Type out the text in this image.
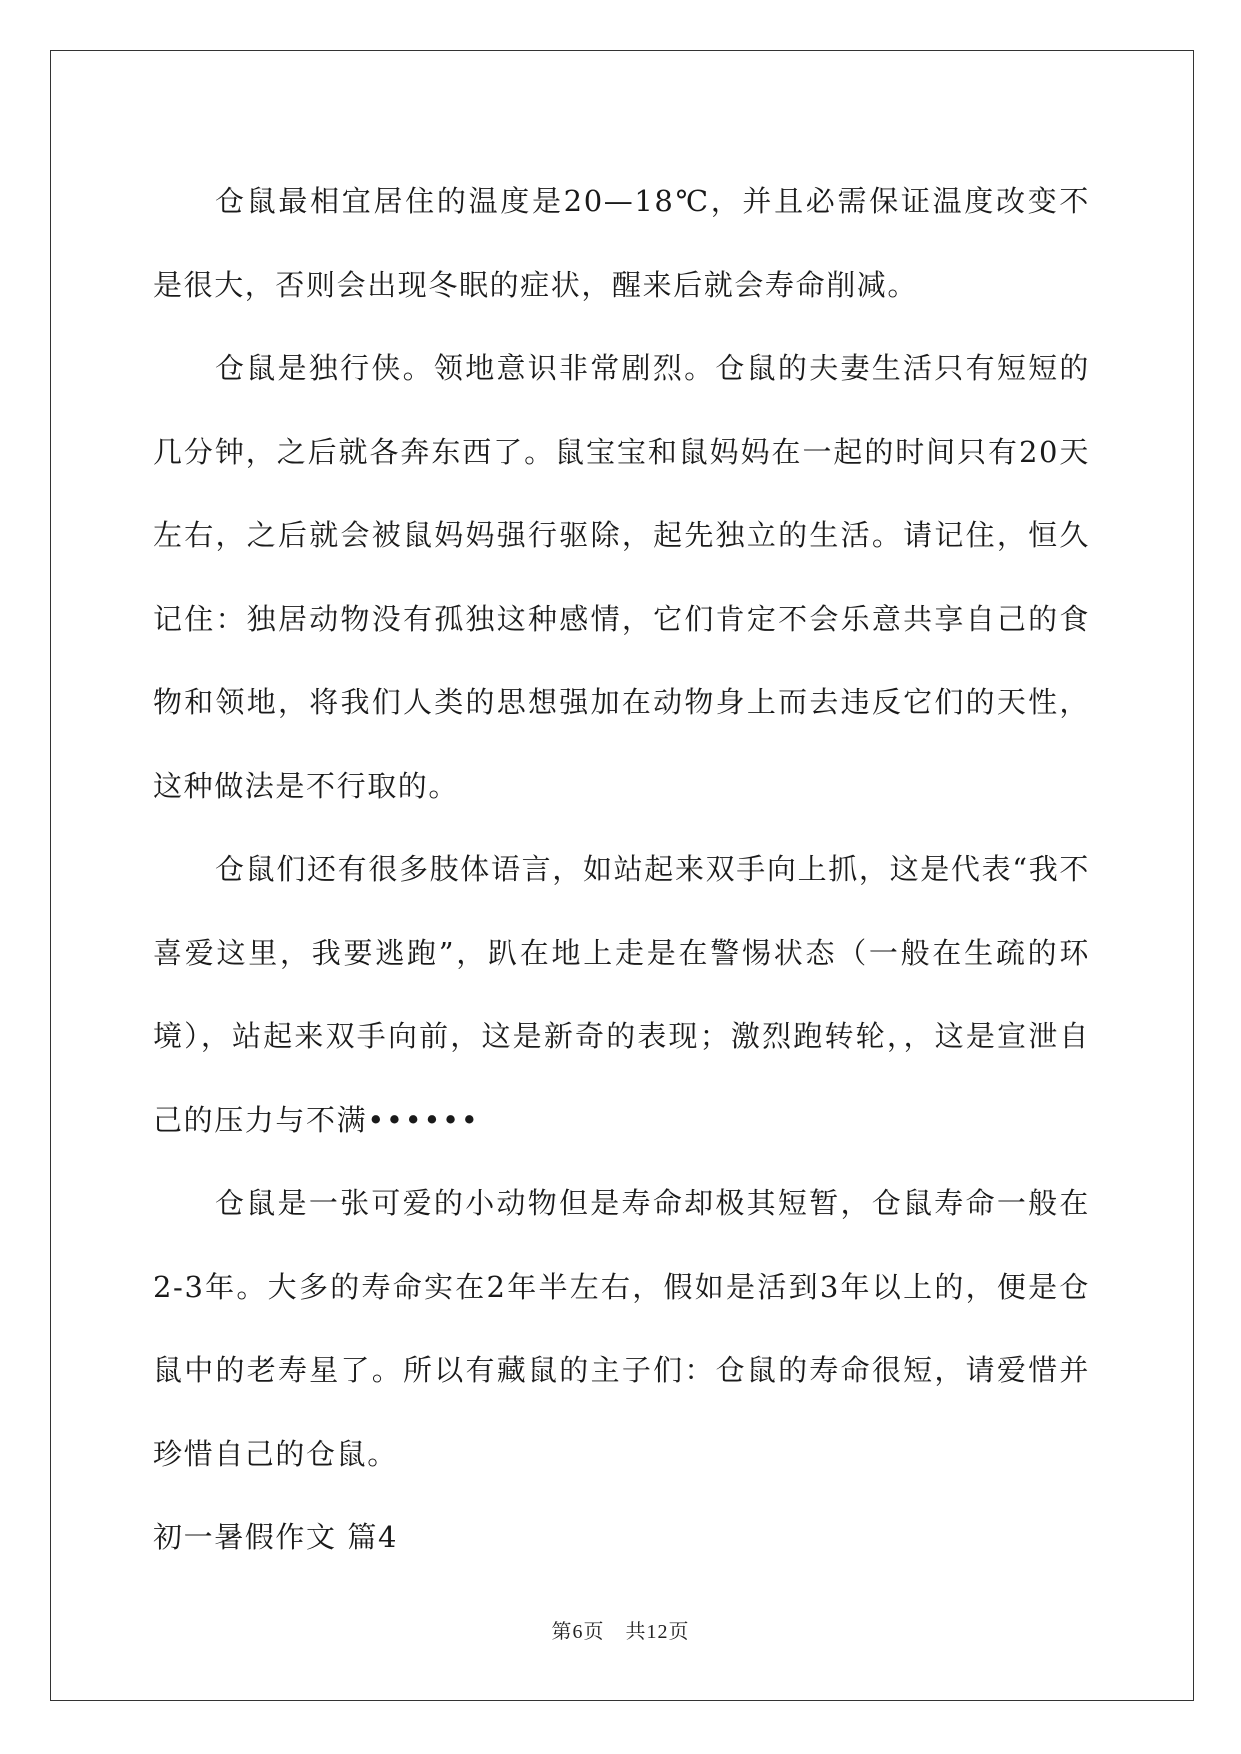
仓鼠最相宜居住的温度是20—18℃，并且必需保证温度改变不是很大，否则会出现冬眠的症状，醒来后就会寿命削减。

仓鼠是独行侠。领地意识非常剧烈。仓鼠的夫妻生活只有短短的几分钟，之后就各奔东西了。鼠宝宝和鼠妈妈在一起的时间只有20天左右，之后就会被鼠妈妈强行驱除，起先独立的生活。请记住，恒久记住：独居动物没有孤独这种感情，它们肯定不会乐意共享自己的食物和领地，将我们人类的思想强加在动物身上而去违反它们的天性，这种做法是不行取的。

仓鼠们还有很多肢体语言，如站起来双手向上抓，这是代表“我不喜爱这里，我要逃跑”，趴在地上走是在警惕状态（一般在生疏的环境），站起来双手向前，这是新奇的表现；激烈跑转轮，，这是宣泄自己的压力与不满••••••

仓鼠是一张可爱的小动物但是寿命却极其短暂，仓鼠寿命一般在2-3年。大多的寿命实在2年半左右，假如是活到3年以上的，便是仓鼠中的老寿星了。所以有藏鼠的主子们：仓鼠的寿命很短，请爱惜并珍惜自己的仓鼠。

初一暑假作文 篇4

第6页　共12页
